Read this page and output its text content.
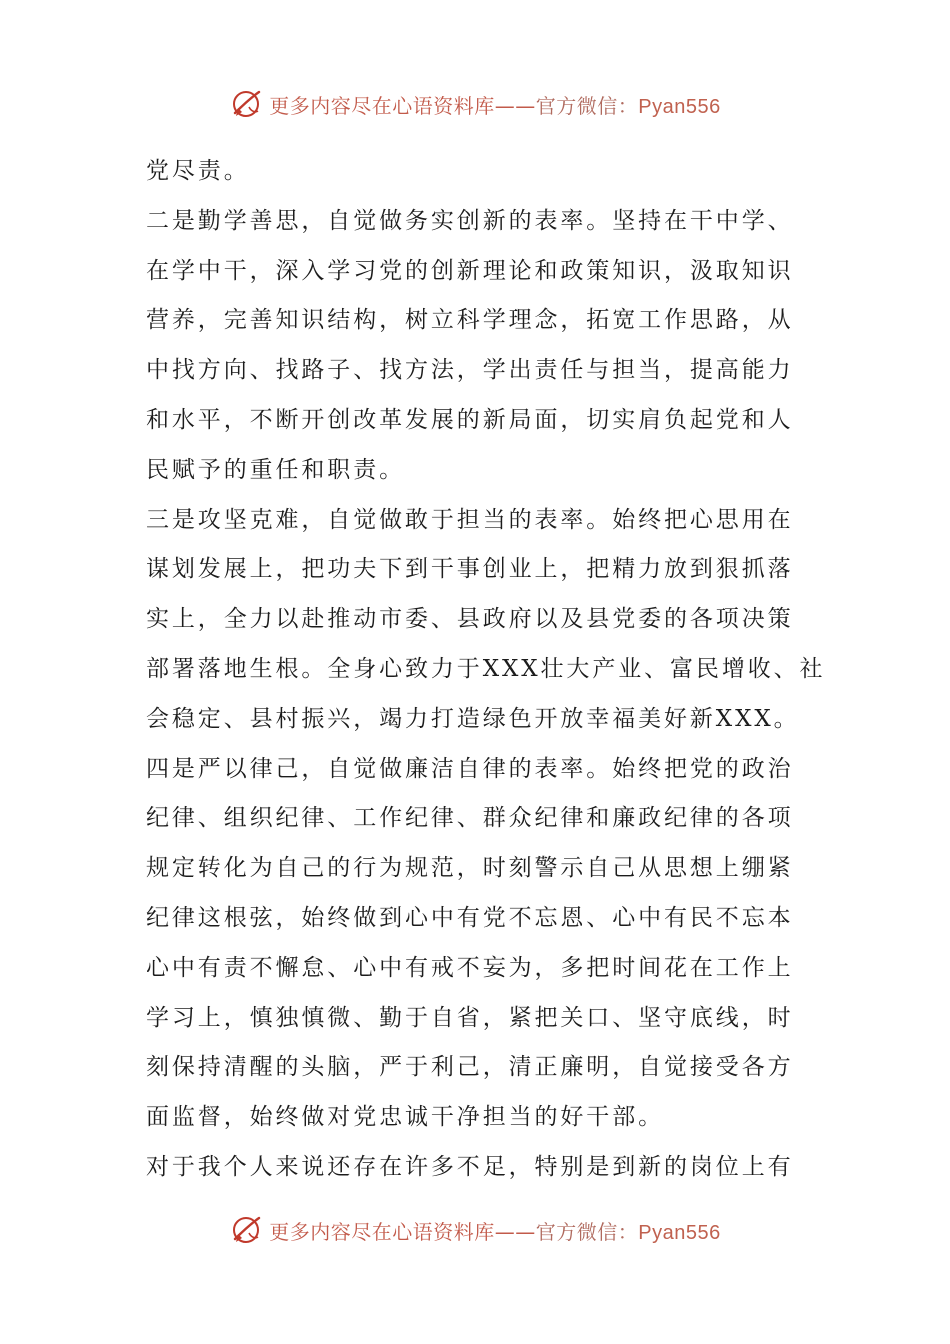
更多内容尽在心语资料库——官方微信：Pyan556
党尽责。
二是勤学善思，自觉做务实创新的表率。坚持在干中学、
在学中干，深入学习党的创新理论和政策知识，汲取知识
营养，完善知识结构，树立科学理念，拓宽工作思路，从
中找方向、找路子、找方法，学出责任与担当，提高能力
和水平，不断开创改革发展的新局面，切实肩负起党和人
民赋予的重任和职责。
三是攻坚克难，自觉做敢于担当的表率。始终把心思用在
谋划发展上，把功夫下到干事创业上，把精力放到狠抓落
实上，全力以赴推动市委、县政府以及县党委的各项决策
部署落地生根。全身心致力于XXX壮大产业、富民增收、社
会稳定、县村振兴，竭力打造绿色开放幸福美好新XXX。
四是严以律己，自觉做廉洁自律的表率。始终把党的政治
纪律、组织纪律、工作纪律、群众纪律和廉政纪律的各项
规定转化为自己的行为规范，时刻警示自己从思想上绷紧
纪律这根弦，始终做到心中有党不忘恩、心中有民不忘本
心中有责不懈怠、心中有戒不妄为，多把时间花在工作上
学习上，慎独慎微、勤于自省，紧把关口、坚守底线，时
刻保持清醒的头脑，严于利己，清正廉明，自觉接受各方
面监督，始终做对党忠诚干净担当的好干部。
对于我个人来说还存在许多不足，特别是到新的岗位上有
更多内容尽在心语资料库——官方微信：Pyan556
